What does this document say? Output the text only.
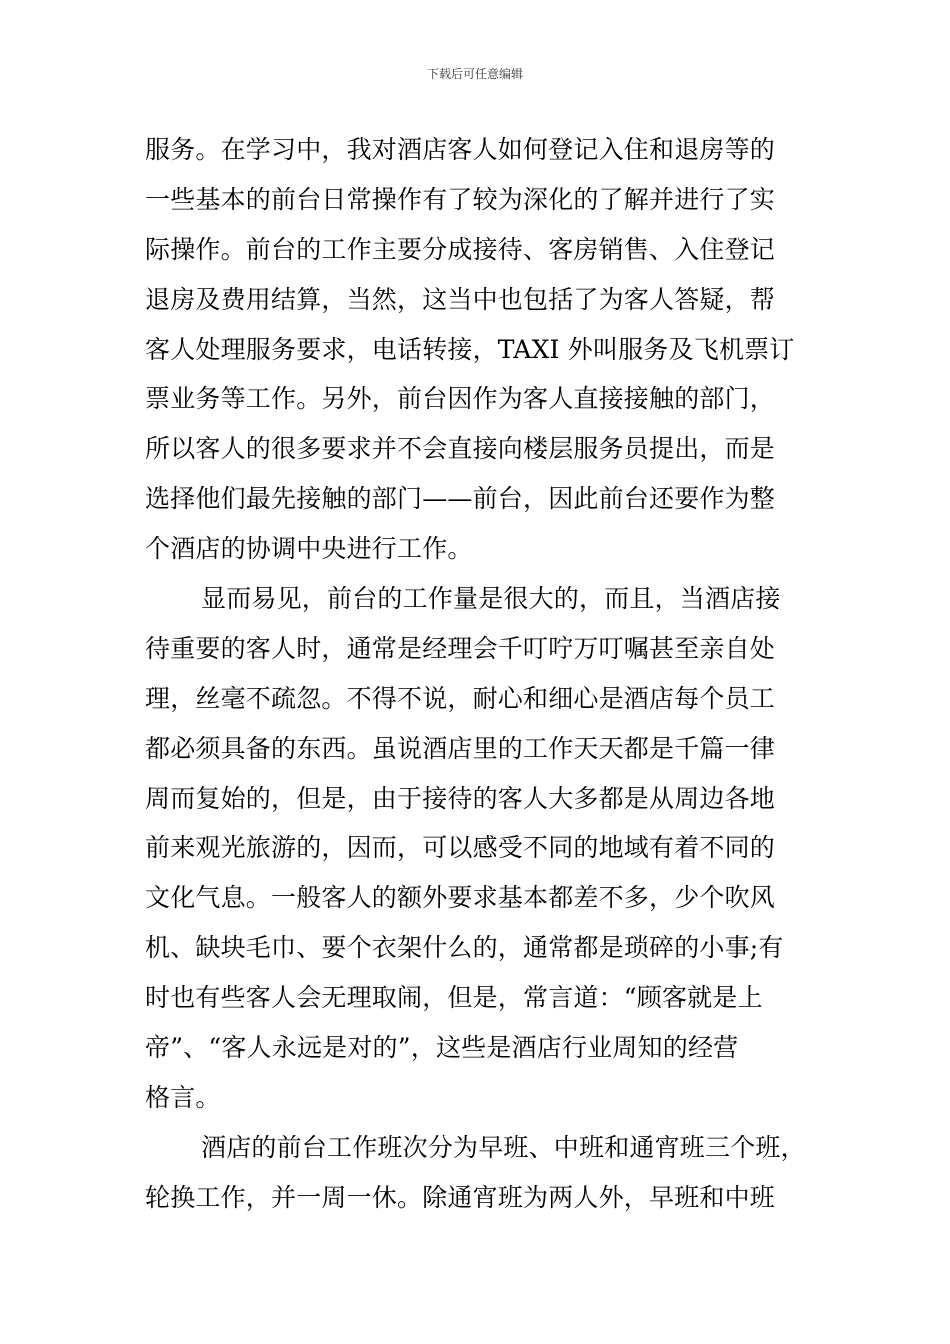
下载后可任意编辑
服务。在学习中，我对酒店客人如何登记入住和退房等的
一些基本的前台日常操作有了较为深化的了解并进行了实
际操作。前台的工作主要分成接待、客房销售、入住登记
退房及费用结算，当然，这当中也包括了为客人答疑，帮
客人处理服务要求，电话转接，TAXI 外叫服务及飞机票订
票业务等工作。另外，前台因作为客人直接接触的部门，
所以客人的很多要求并不会直接向楼层服务员提出，而是
选择他们最先接触的部门——前台，因此前台还要作为整
个酒店的协调中央进行工作。
显而易见，前台的工作量是很大的，而且，当酒店接
待重要的客人时，通常是经理会千叮咛万叮嘱甚至亲自处
理，丝毫不疏忽。不得不说，耐心和细心是酒店每个员工
都必须具备的东西。虽说酒店里的工作天天都是千篇一律
周而复始的，但是，由于接待的客人大多都是从周边各地
前来观光旅游的，因而，可以感受不同的地域有着不同的
文化气息。一般客人的额外要求基本都差不多，少个吹风
机、缺块毛巾、要个衣架什么的，通常都是琐碎的小事;有
时也有些客人会无理取闹，但是，常言道：“顾客就是上
帝”、“客人永远是对的”，这些是酒店行业周知的经营
格言。
酒店的前台工作班次分为早班、中班和通宵班三个班，
轮换工作，并一周一休。除通宵班为两人外，早班和中班
